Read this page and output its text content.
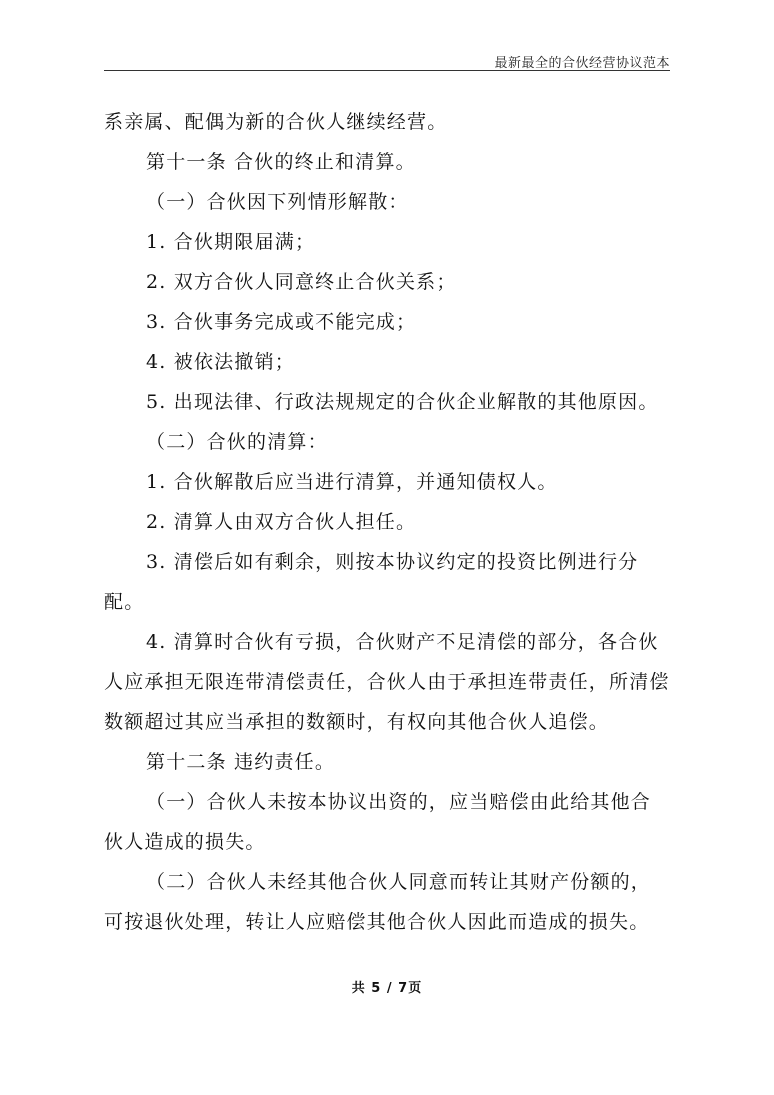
最新最全的合伙经营协议范本

系亲属、配偶为新的合伙人继续经营。

第十一条 合伙的终止和清算。

（一）合伙因下列情形解散：

1. 合伙期限届满；

2. 双方合伙人同意终止合伙关系；

3. 合伙事务完成或不能完成；

4. 被依法撤销；

5. 出现法律、行政法规规定的合伙企业解散的其他原因。

（二）合伙的清算：

1. 合伙解散后应当进行清算，并通知债权人。

2. 清算人由双方合伙人担任。

3. 清偿后如有剩余，则按本协议约定的投资比例进行分配。

4. 清算时合伙有亏损，合伙财产不足清偿的部分，各合伙人应承担无限连带清偿责任，合伙人由于承担连带责任，所清偿数额超过其应当承担的数额时，有权向其他合伙人追偿。

第十二条 违约责任。

（一）合伙人未按本协议出资的，应当赔偿由此给其他合伙人造成的损失。

（二）合伙人未经其他合伙人同意而转让其财产份额的，可按退伙处理，转让人应赔偿其他合伙人因此而造成的损失。

共 5 / 7页
